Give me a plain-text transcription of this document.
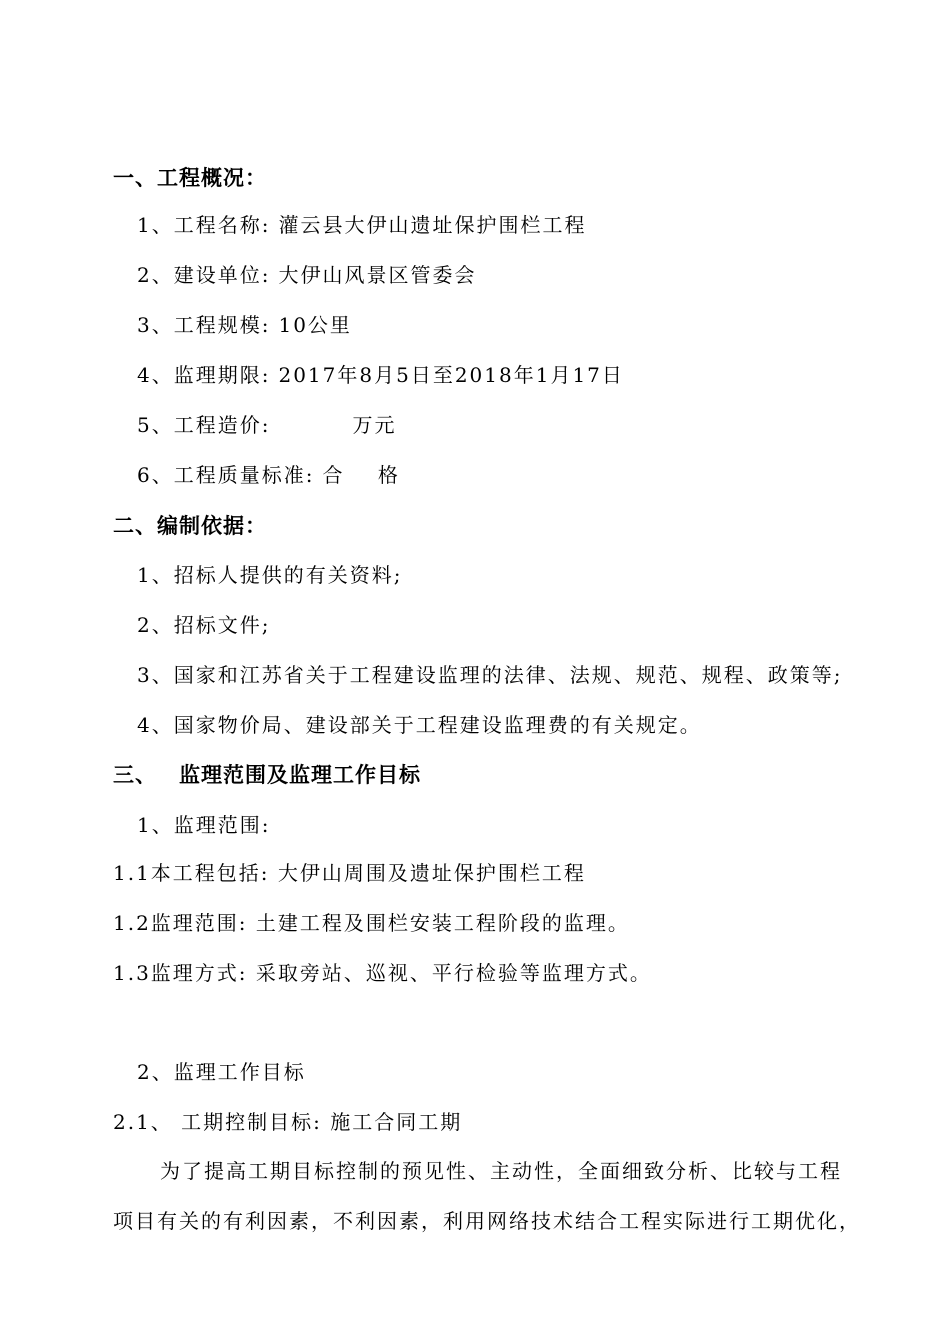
一、工程概况：
1、工程名称: 灌云县大伊山遗址保护围栏工程
2、建设单位: 大伊山风景区管委会
3、工程规模: 10公里
4、监理期限: 2017年8月5日至2018年1月17日
5、工程造价:	万元
6、工程质量标准: 合    格
二、编制依据：
1、招标人提供的有关资料;
2、招标文件;
3、国家和江苏省关于工程建设监理的法律、法规、规范、规程、政策等;
4、国家物价局、建设部关于工程建设监理费的有关规定。
三、 监理范围及监理工作目标
1、监理范围:
1.1本工程包括: 大伊山周围及遗址保护围栏工程
1.2监理范围: 土建工程及围栏安装工程阶段的监理。
1.3监理方式: 采取旁站、巡视、平行检验等监理方式。
2、监理工作目标
2.1、 工期控制目标: 施工合同工期
为了提高工期目标控制的预见性、主动性，全面细致分析、比较与工程
项目有关的有利因素，不利因素，利用网络技术结合工程实际进行工期优化，
